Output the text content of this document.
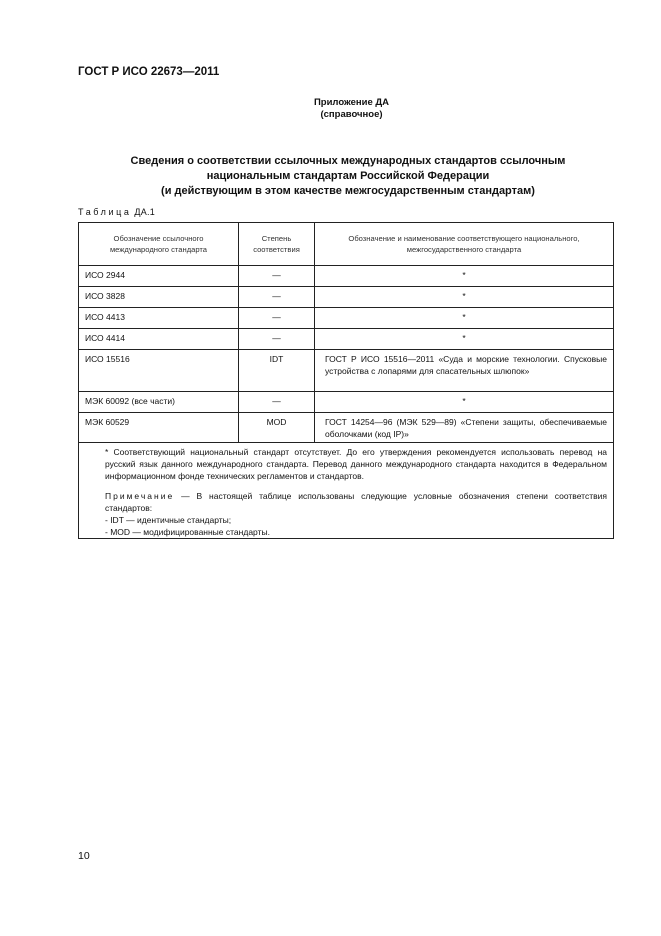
ГОСТ Р ИСО 22673—2011
Приложение ДА
(справочное)
Сведения о соответствии ссылочных международных стандартов ссылочным
национальным стандартам Российской Федерации
(и действующим в этом качестве межгосударственным стандартам)
Таблица ДА.1
Обозначение ссылочного международного стандарта	Степень соответствия	Обозначение и наименование соответствующего национального, межгосударственного стандарта
ИСО 2944	—	*
ИСО 3828	—	*
ИСО 4413	—	*
ИСО 4414	—	*
ИСО 15516	IDT	ГОСТ Р ИСО 15516—2011 «Суда и морские технологии. Спусковые устройства с лопарями для спасательных шлюпок»
МЭК 60092 (все части)	—	*
МЭК 60529	MOD	ГОСТ 14254—96 (МЭК 529—89) «Степени защиты, обеспечиваемые оболочками (код IP)»

* Соответствующий национальный стандарт отсутствует. До его утверждения рекомендуется использовать перевод на русский язык данного международного стандарта. Перевод данного международного стандарта находится в Федеральном информационном фонде технических регламентов и стандартов.

Примечание — В настоящей таблице использованы следующие условные обозначения степени соответствия стандартов:

- IDT — идентичные стандарты;

- MOD — модифицированные стандарты.		

10
